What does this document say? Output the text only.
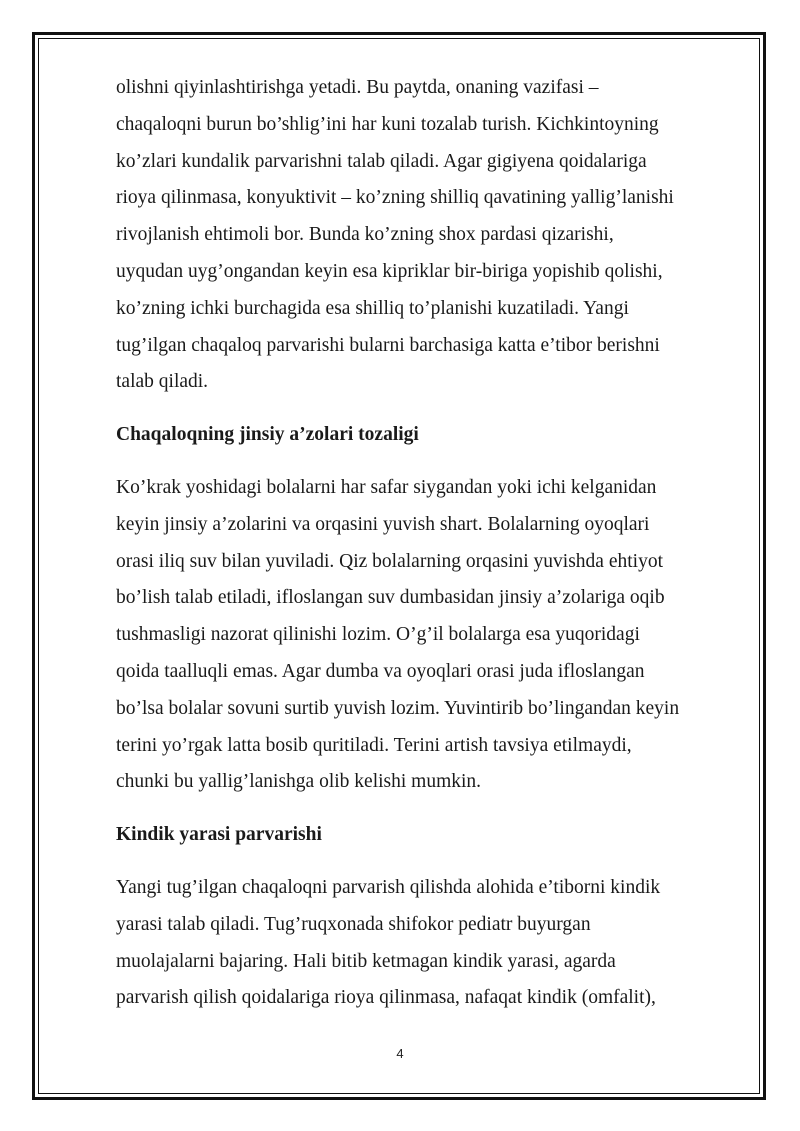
olishni qiyinlashtirishga yetadi. Bu paytda, onaning vazifasi –
chaqaloqni burun bo’shlig’ini har kuni tozalab turish. Kichkintoyning
ko’zlari kundalik parvarishni talab qiladi. Agar gigiyena qoidalariga
rioya qilinmasa, konyuktivit – ko’zning shilliq qavatining yallig’lanishi
rivojlanish ehtimoli bor. Bunda ko’zning shox pardasi qizarishi,
uyqudan uyg’ongandan keyin esa kipriklar bir-biriga yopishib qolishi,
ko’zning ichki burchagida esa shilliq to’planishi kuzatiladi. Yangi
tug’ilgan chaqaloq parvarishi bularni barchasiga katta e’tibor berishni
talab qiladi.

Chaqaloqning jinsiy a’zolari tozaligi

Ko’krak yoshidagi bolalarni har safar siygandan yoki ichi kelganidan
keyin jinsiy a’zolarini va orqasini yuvish shart. Bolalarning oyoqlari
orasi iliq suv bilan yuviladi. Qiz bolalarning orqasini yuvishda ehtiyot
bo’lish talab etiladi, ifloslangan suv dumbasidan jinsiy a’zolariga oqib
tushmasligi nazorat qilinishi lozim. O’g’il bolalarga esa yuqoridagi
qoida taalluqli emas. Agar dumba va oyoqlari orasi juda ifloslangan
bo’lsa bolalar sovuni surtib yuvish lozim. Yuvintirib bo’lingandan keyin
terini yo’rgak latta bosib quritiladi. Terini artish tavsiya etilmaydi,
chunki bu yallig’lanishga olib kelishi mumkin.

Kindik yarasi parvarishi

Yangi tug’ilgan chaqaloqni parvarish qilishda alohida e’tiborni kindik
yarasi talab qiladi. Tug’ruqxonada shifokor pediatr buyurgan
muolajalarni bajaring. Hali bitib ketmagan kindik yarasi, agarda
parvarish qilish qoidalariga rioya qilinmasa, nafaqat kindik (omfalit),

4
